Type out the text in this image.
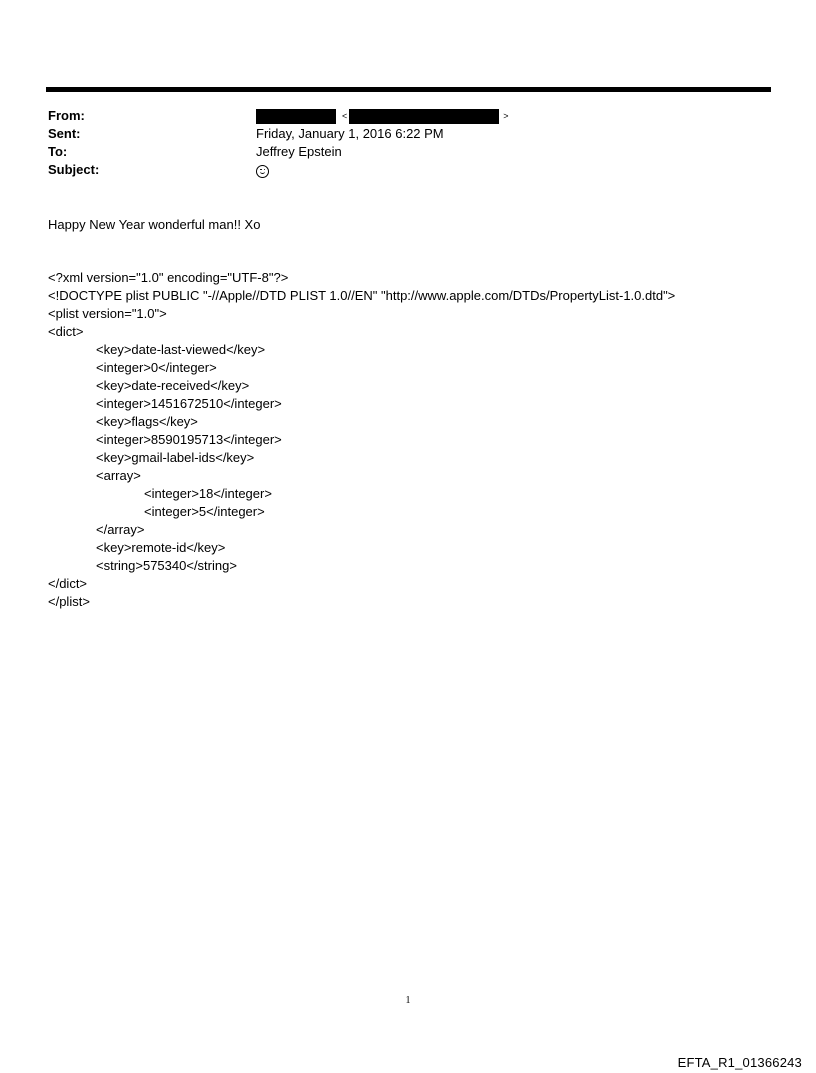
From:	<	>
Sent:	Friday, January 1, 2016 6:22 PM
To:	Jeffrey Epstein
Subject:
Happy New Year wonderful man!! Xo
<?xml version="1.0" encoding="UTF-8"?>
<!DOCTYPE plist PUBLIC "-//Apple//DTD PLIST 1.0//EN" "http://www.apple.com/DTDs/PropertyList-1.0.dtd">
<plist version="1.0">
<dict>
<key>date-last-viewed</key>
<integer>0</integer>
<key>date-received</key>
<integer>1451672510</integer>
<key>flags</key>
<integer>8590195713</integer>
<key>gmail-label-ids</key>
<array>
<integer>18</integer>
<integer>5</integer>
</array>
<key>remote-id</key>
<string>575340</string>
</dict>
</plist>
1
EFTA_R1_01366243
